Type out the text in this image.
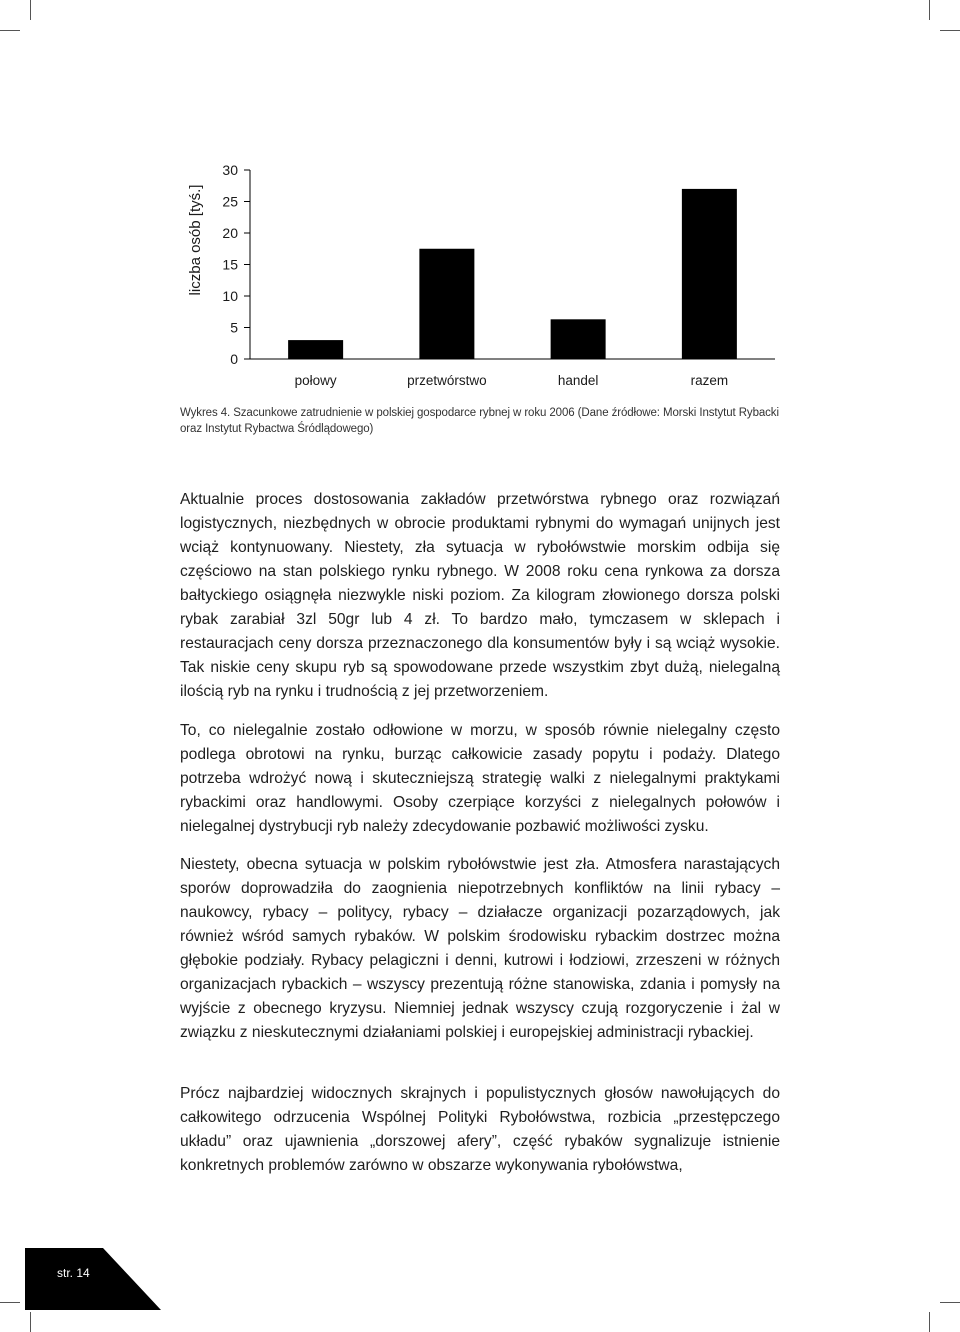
liczba osób [tyś.]
0
5
10
15
20
25
30
połowy	przetwórstwo	handel	razem
Wykres 4. Szacunkowe zatrudnienie w polskiej gospodarce rybnej w roku 2006 (Dane źródłowe: Morski Instytut Rybacki oraz Instytut Rybactwa Śródlądowego)

Aktualnie proces dostosowania zakładów przetwórstwa rybnego oraz rozwiązań logistycznych, niezbędnych w obrocie produktami rybnymi do wymagań unijnych jest wciąż kontynuowany. Niestety, zła sytuacja w rybołówstwie morskim odbija się częściowo na stan polskiego rynku rybnego. W 2008 roku cena rynkowa za dorsza bałtyckiego osiągnęła niezwykle niski poziom. Za kilogram złowionego dorsza polski rybak zarabiał 3zl 50gr lub 4 zł. To bardzo mało, tymczasem w sklepach i restauracjach ceny dorsza przeznaczonego dla konsumentów były i są wciąż wysokie. Tak niskie ceny skupu ryb są spowodowane przede wszystkim zbyt dużą, nielegalną ilością ryb na rynku i trudnością z jej przetworzeniem.

To, co nielegalnie zostało odłowione w morzu, w sposób równie nielegalny często podlega obrotowi na rynku, burząc całkowicie zasady popytu i podaży. Dlatego potrzeba wdrożyć nową i skuteczniejszą strategię walki z nielegalnymi praktykami rybackimi oraz handlowymi. Osoby czerpiące korzyści z nielegalnych połowów i nielegalnej dystrybucji ryb należy zdecydowanie pozbawić możliwości zysku.

Niestety, obecna sytuacja w polskim rybołówstwie jest zła. Atmosfera narastających sporów doprowadziła do zaognienia niepotrzebnych konfliktów na linii rybacy – naukowcy, rybacy – politycy, rybacy – działacze organizacji pozarządowych, jak również wśród samych rybaków. W polskim środowisku rybackim dostrzec można głębokie podziały. Rybacy pelagiczni i denni, kutrowi i łodziowi, zrzeszeni w różnych organizacjach rybackich – wszyscy prezentują różne stanowiska, zdania i pomysły na wyjście z obecnego kryzysu. Niemniej jednak wszyscy czują rozgoryczenie i żal w związku z nieskutecznymi działaniami polskiej i europejskiej administracji rybackiej.

Prócz najbardziej widocznych skrajnych i populistycznych głosów nawołujących do całkowitego odrzucenia Wspólnej Polityki Rybołówstwa, rozbicia „przestępczego układu” oraz ujawnienia „dorszowej afery”, część rybaków sygnalizuje istnienie konkretnych problemów zarówno w obszarze wykonywania rybołówstwa,

str. 14
